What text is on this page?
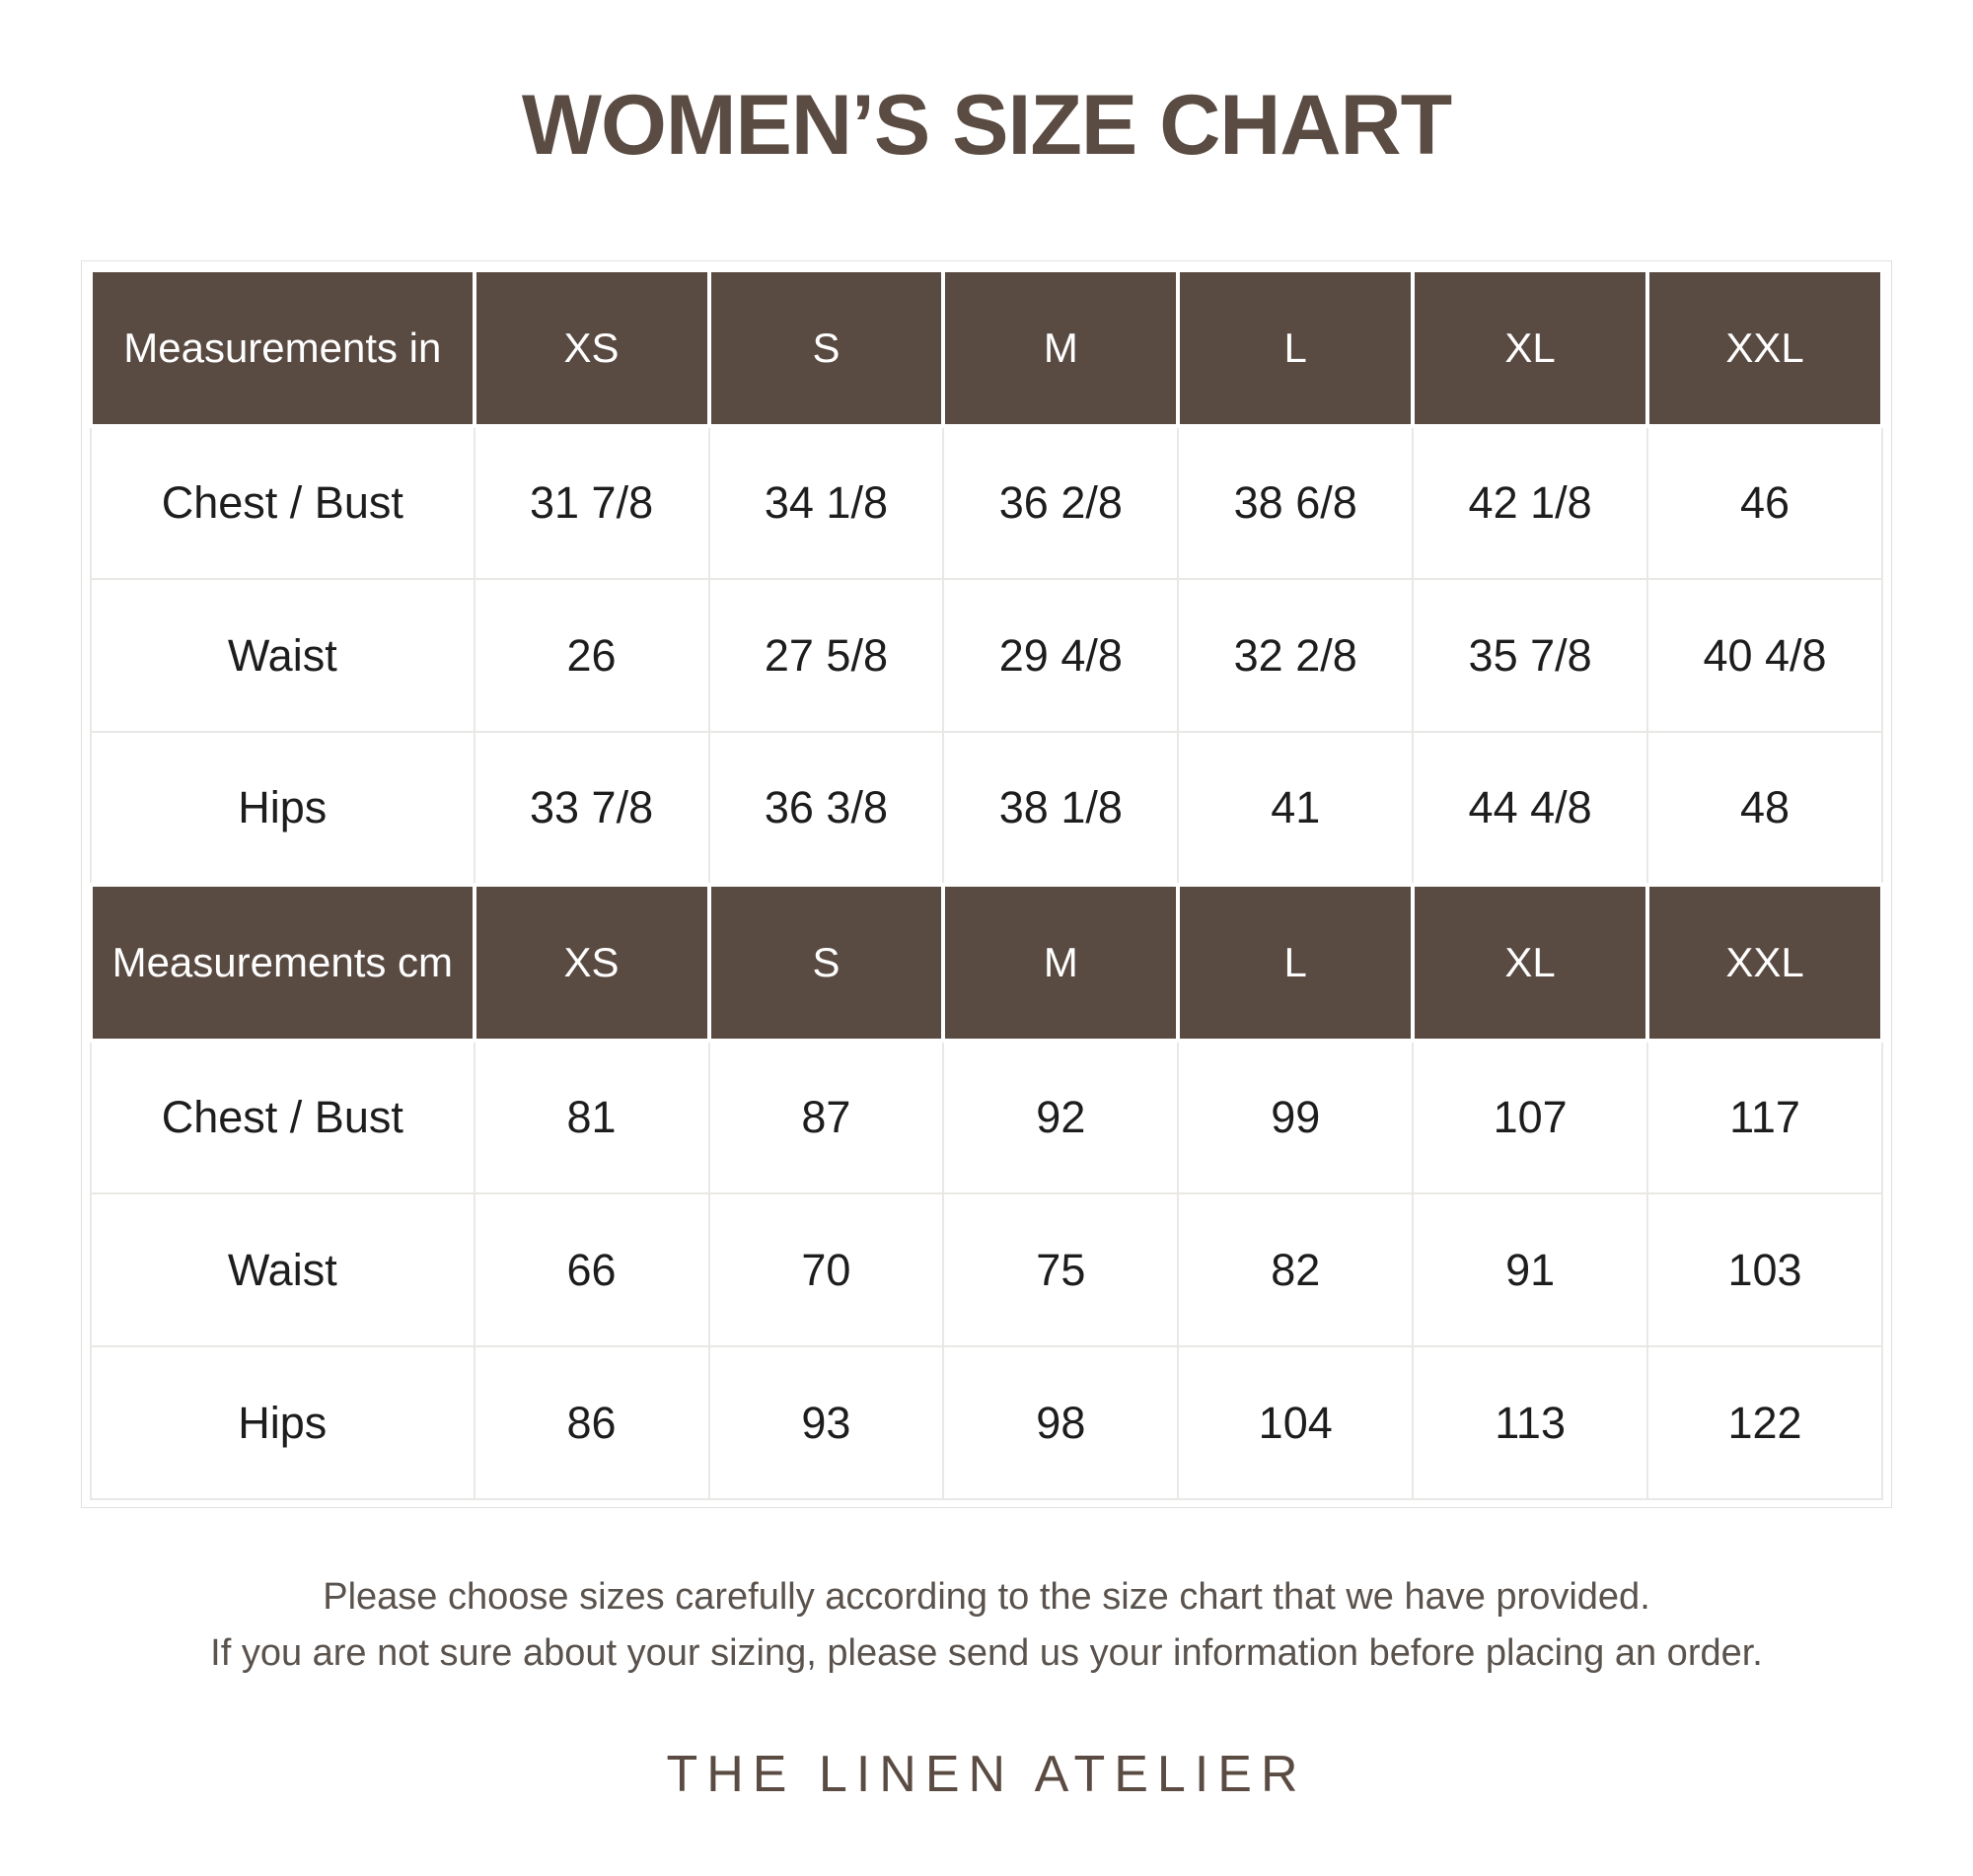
WOMEN’S SIZE CHART
Measurements in	XS	S	M	L	XL	XXL
Chest / Bust	31 7/8	34 1/8	36 2/8	38 6/8	42 1/8	46
Waist	26	27 5/8	29 4/8	32 2/8	35 7/8	40 4/8
Hips	33 7/8	36 3/8	38 1/8	41	44 4/8	48
Measurements cm	XS	S	M	L	XL	XXL
Chest / Bust	81	87	92	99	107	117
Waist	66	70	75	82	91	103
Hips	86	93	98	104	113	122
Please choose sizes carefully according to the size chart that we have provided.
If you are not sure about your sizing, please send us your information before placing an order.
THE LINEN ATELIER
